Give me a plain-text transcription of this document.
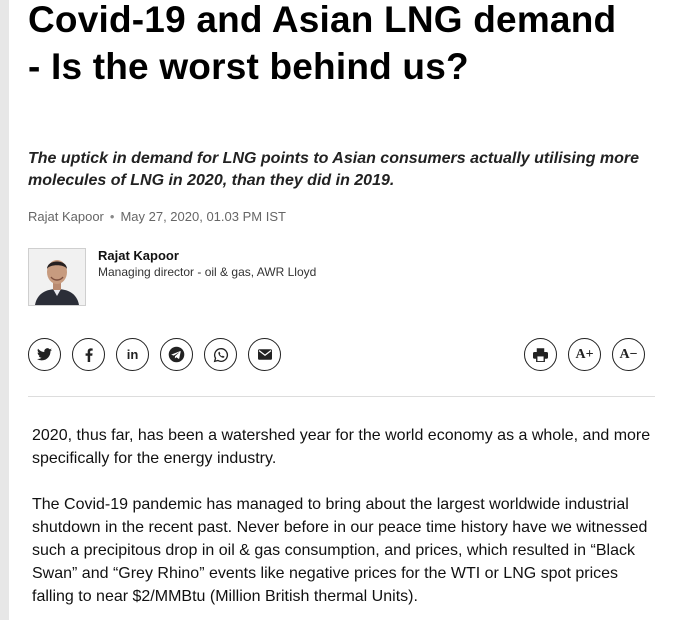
Covid-19 and Asian LNG demand - Is the worst behind us?
The uptick in demand for LNG points to Asian consumers actually utilising more molecules of LNG in 2020, than they did in 2019.
Rajat Kapoor • May 27, 2020, 01.03 PM IST
Rajat Kapoor
Managing director - oil & gas, AWR Lloyd
in	A+ A−

2020, thus far, has been a watershed year for the world economy as a whole, and more specifically for the energy industry.

The Covid-19 pandemic has managed to bring about the largest worldwide industrial shutdown in the recent past. Never before in our peace time history have we witnessed such a precipitous drop in oil & gas consumption, and prices, which resulted in “Black Swan” and “Grey Rhino” events like negative prices for the WTI or LNG spot prices falling to near $2/MMBtu (Million British thermal Units).
